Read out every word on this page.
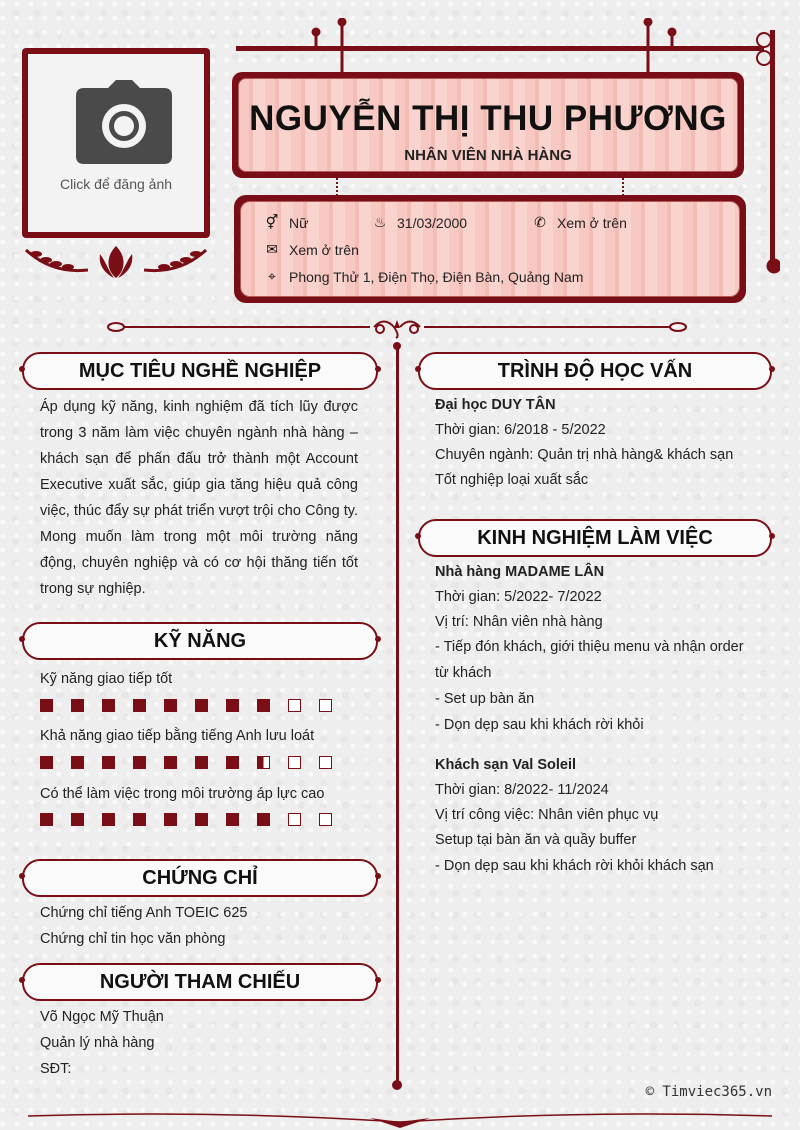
Click để đăng ảnh
NGUYỄN THỊ THU PHƯƠNG
NHÂN VIÊN NHÀ HÀNG
⚥ Nữ	♨ 31/03/2000	✆ Xem ở trên
✉ Xem ở trên
⌖ Phong Thử 1, Điện Thọ, Điện Bàn, Quảng Nam
MỤC TIÊU NGHỀ NGHIỆP
Áp dụng kỹ năng, kinh nghiệm đã tích lũy được trong 3 năm làm việc chuyên ngành nhà hàng – khách sạn để phấn đấu trở thành một Account Executive xuất sắc, giúp gia tăng hiệu quả công việc, thúc đẩy sự phát triển vượt trội cho Công ty. Mong muốn làm trong một môi trường năng động, chuyên nghiệp và có cơ hội thăng tiến tốt trong sự nghiệp.
KỸ NĂNG
Kỹ năng giao tiếp tốt
Khả năng giao tiếp bằng tiếng Anh lưu loát
Có thể làm việc trong môi trường áp lực cao
CHỨNG CHỈ
Chứng chỉ tiếng Anh TOEIC 625
Chứng chỉ tin học văn phòng
NGƯỜI THAM CHIẾU
Võ Ngọc Mỹ Thuận
Quản lý nhà hàng
SĐT:
TRÌNH ĐỘ HỌC VẤN
Đại học DUY TÂN
Thời gian: 6/2018 - 5/2022
Chuyên ngành: Quản trị nhà hàng& khách sạn
Tốt nghiệp loại xuất sắc
KINH NGHIỆM LÀM VIỆC
Nhà hàng MADAME LÂN
Thời gian: 5/2022- 7/2022
Vị trí: Nhân viên nhà hàng
- Tiếp đón khách, giới thiệu menu và nhận order từ khách
- Set up bàn ăn
- Dọn dẹp sau khi khách rời khỏi
Khách sạn Val Soleil
Thời gian: 8/2022- 11/2024
Vị trí công việc: Nhân viên phục vụ
Setup tại bàn ăn và quầy buffer
- Dọn dẹp sau khi khách rời khỏi khách sạn
© Timviec365.vn
